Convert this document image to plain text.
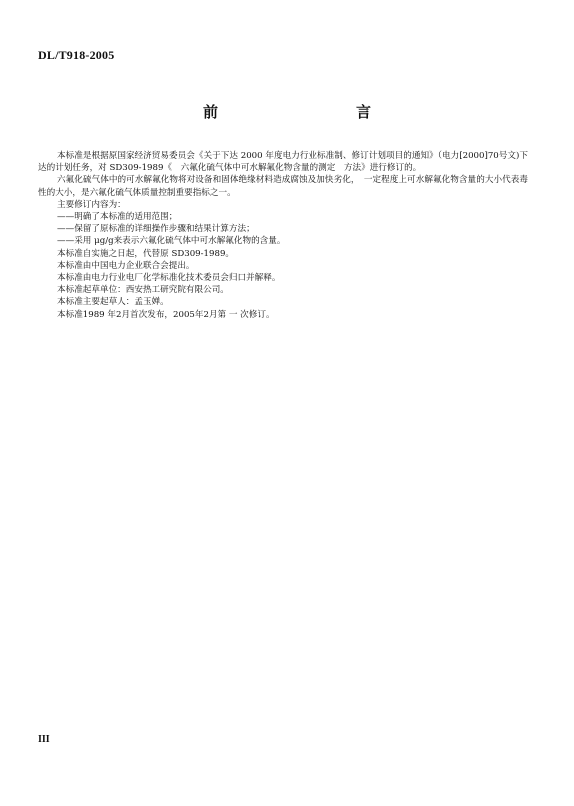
DL/T918-2005
前　　言

本标准是根据原国家经济贸易委员会《关于下达 2000 年度电力行业标准制、修订计划项目的通知》（电力[2000]70号文)下达的计划任务，对 SD309-1989《　六氟化硫气体中可水解氟化物含量的测定　方法》进行修订的。

六氟化硫气体中的可水解氟化物将对设备和固体绝缘材料造成腐蚀及加快劣化，　一定程度上可水解氟化物含量的大小代表毒性的大小，是六氟化硫气体质量控制重要指标之一。

主要修订内容为：

——明确了本标准的适用范围；

——保留了原标准的详细操作步骤和结果计算方法；

——采用 μg/g来表示六氟化硫气体中可水解氟化物的含量。

本标准自实施之日起，代替原 SD309-1989。

本标准由中国电力企业联合会提出。

本标准由电力行业电厂化学标准化技术委员会归口并解释。

本标准起草单位：西安热工研究院有限公司。

本标准主要起草人：孟玉婵。

本标准1989 年2月首次发布，2005年2月第 一 次修订。

III
